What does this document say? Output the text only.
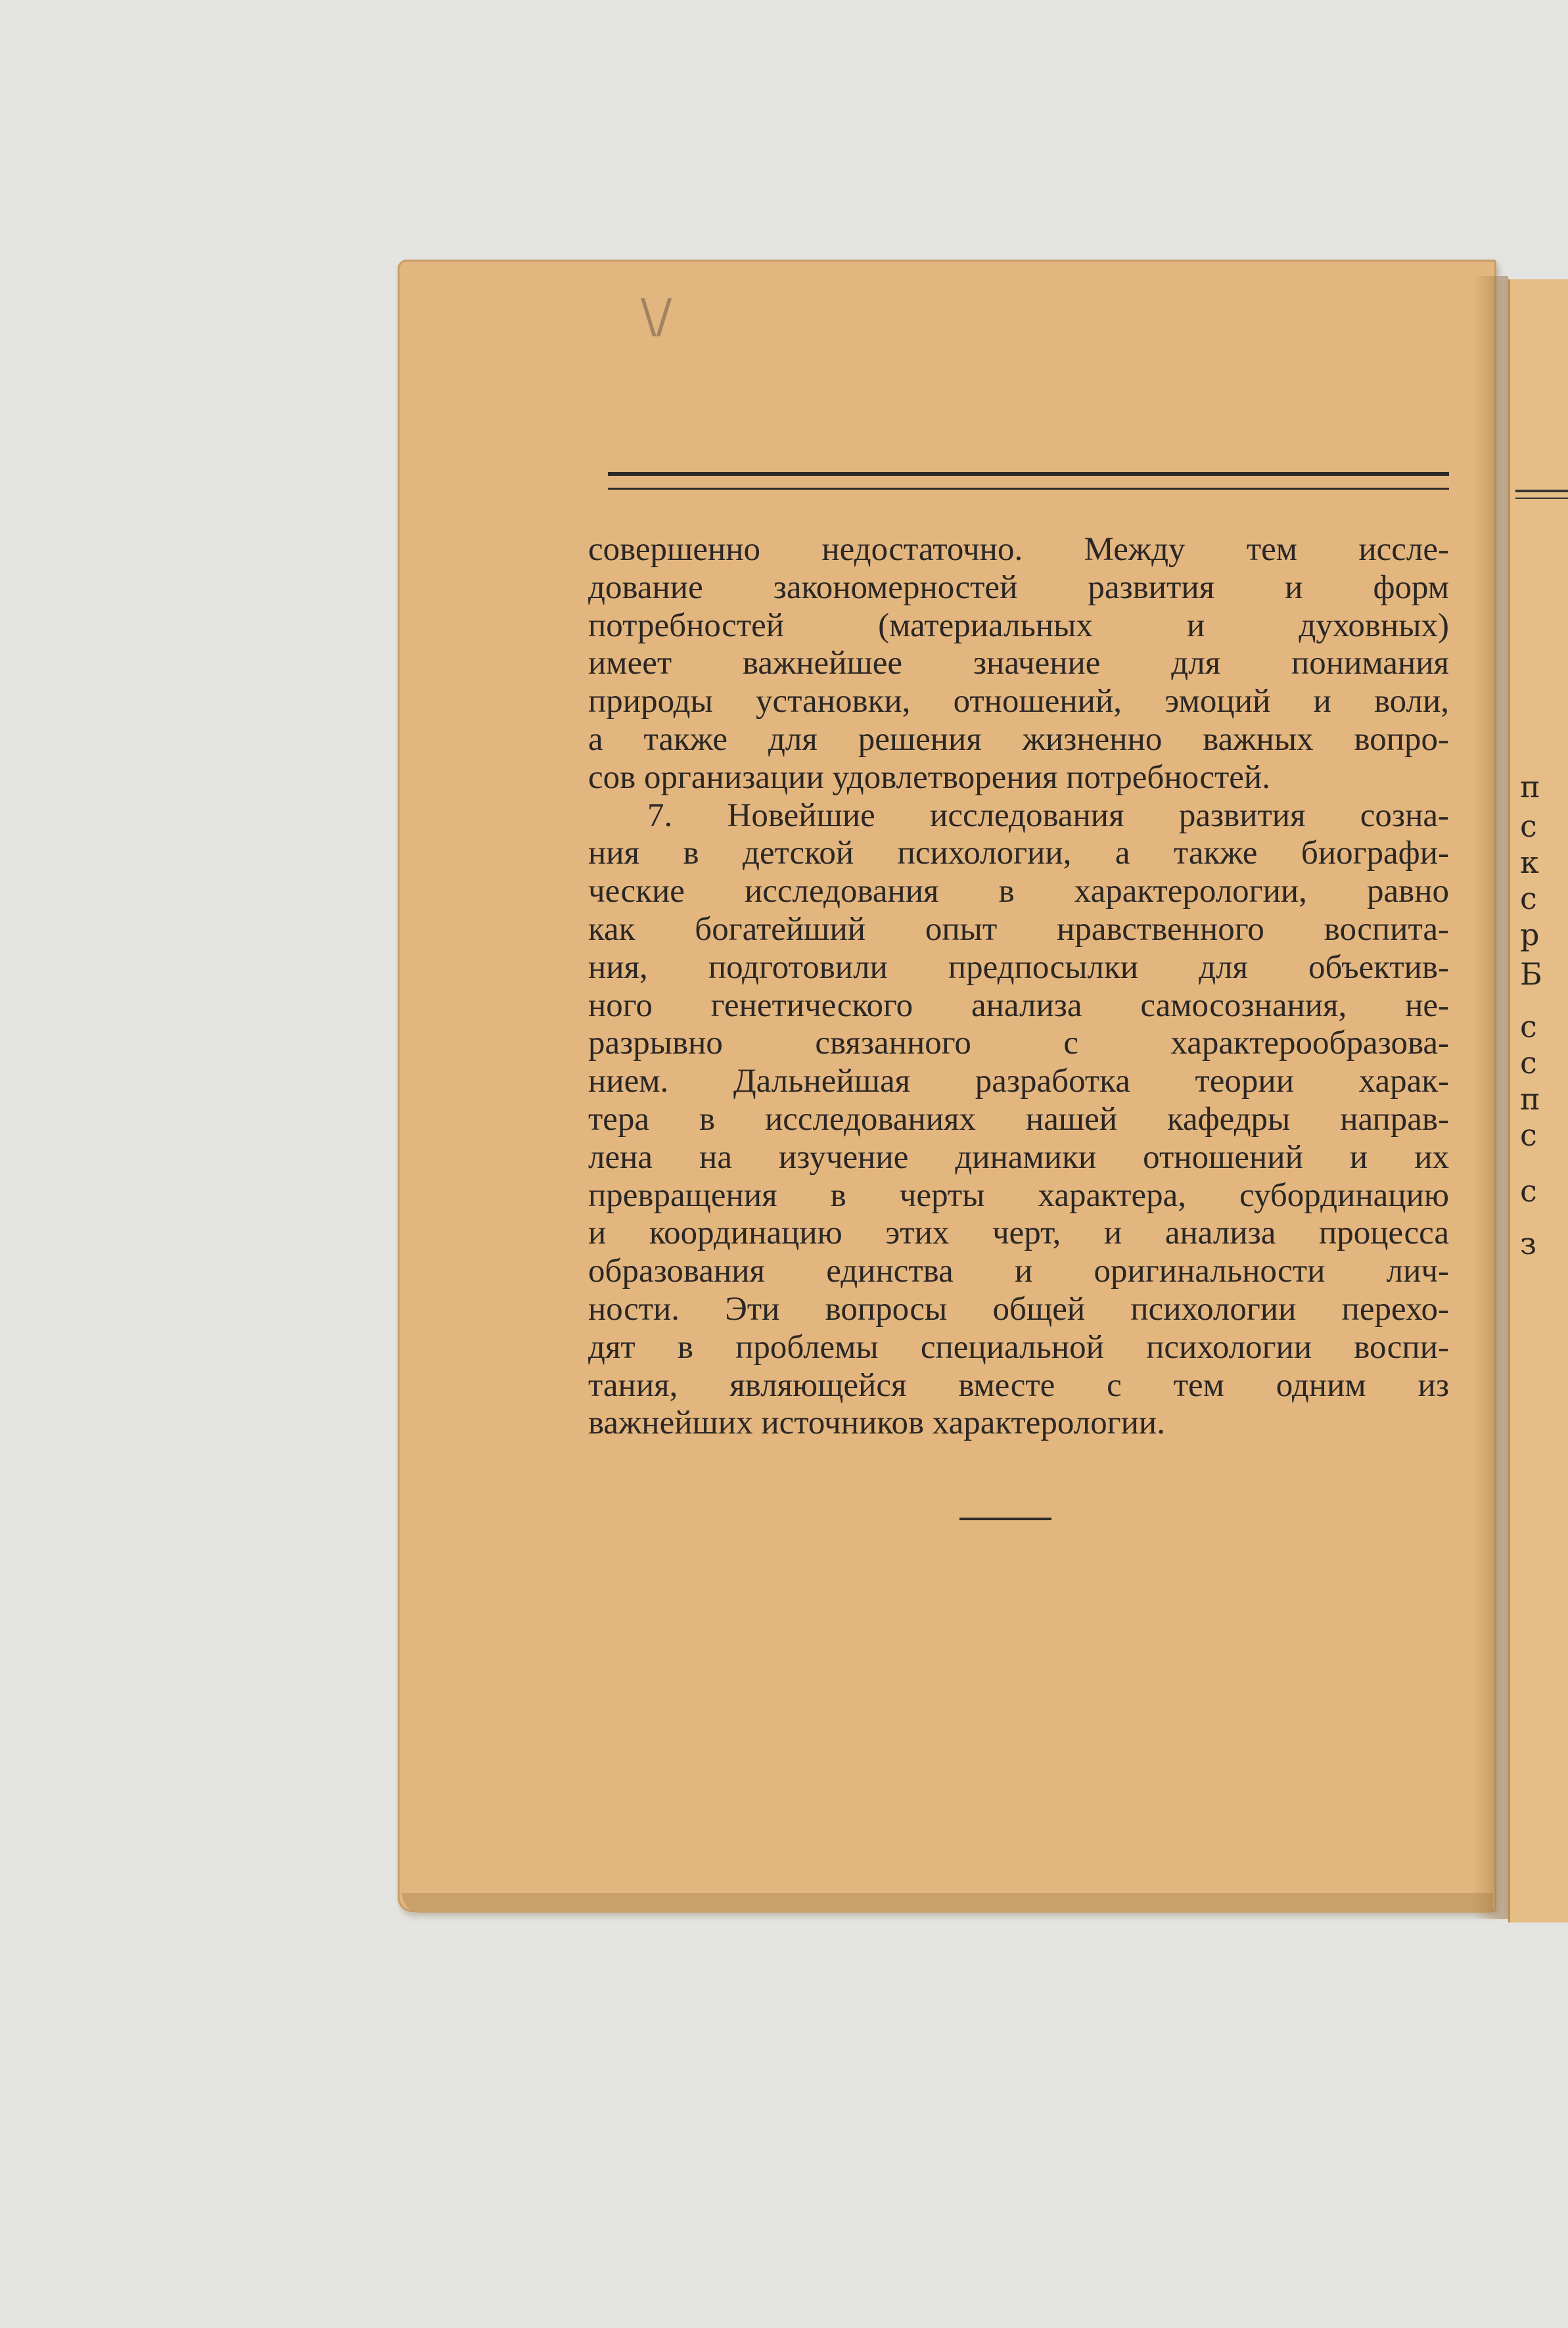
п
с
к
с
р
Б
с
с
п
с
с
з
\/
совершенно недостаточно. Между тем иссле-
дование закономерностей развития и форм
потребностей (материальных и духовных)
имеет важнейшее значение для понимания
природы установки, отношений, эмоций и воли,
а также для решения жизненно важных вопро-
сов организации удовлетворения потребностей.
7. Новейшие исследования развития созна-
ния в детской психологии, а также биографи-
ческие исследования в характерологии, равно
как богатейший опыт нравственного воспита-
ния, подготовили предпосылки для объектив-
ного генетического анализа самосознания, не-
разрывно связанного с характерообразова-
нием. Дальнейшая разработка теории харак-
тера в исследованиях нашей кафедры направ-
лена на изучение динамики отношений и их
превращения в черты характера, субординацию
и координацию этих черт, и анализа процесса
образования единства и оригинальности лич-
ности. Эти вопросы общей психологии перехо-
дят в проблемы специальной психологии воспи-
тания, являющейся вместе с тем одним из
важнейших источников характерологии.
